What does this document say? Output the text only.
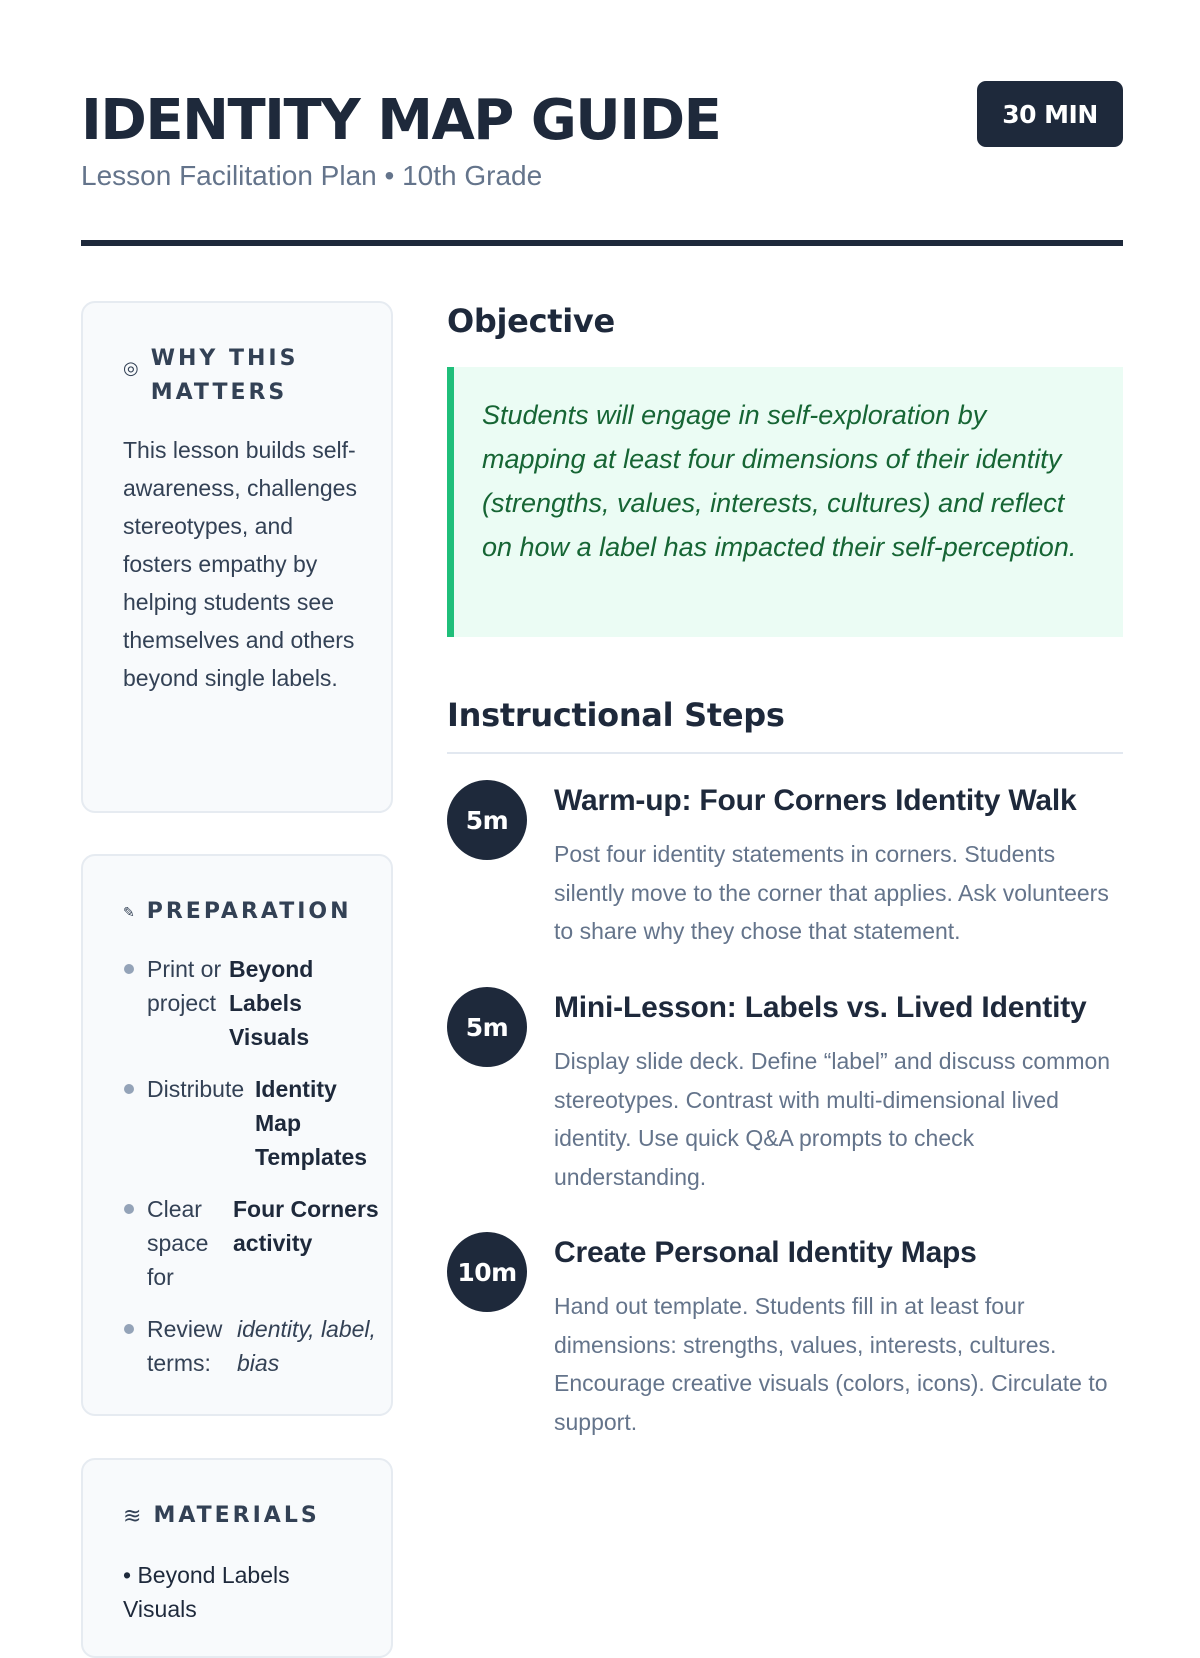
IDENTITY MAP GUIDE
Lesson Facilitation Plan • 10th Grade
30 MIN
◎ WHY THIS MATTERS

This lesson builds self-awareness, challenges stereotypes, and fosters empathy by helping students see themselves and others beyond single labels.

✎ PREPARATION
Print or project
Beyond Labels Visuals
Distribute Identity Map Templates
Clear space for
Four Corners activity
Review terms:
identity, label, bias
≋ MATERIALS

• Beyond Labels Visuals

Objective

Students will engage in self-exploration by mapping at least four dimensions of their identity (strengths, values, interests, cultures) and reflect on how a label has impacted their self-perception.

Instructional Steps
5m
Warm-up: Four Corners Identity Walk

Post four identity statements in corners. Students silently move to the corner that applies. Ask volunteers to share why they chose that statement.

5m
Mini-Lesson: Labels vs. Lived Identity

Display slide deck. Define “label” and discuss common stereotypes. Contrast with multi-dimensional lived identity. Use quick Q&A prompts to check understanding.

10m
Create Personal Identity Maps

Hand out template. Students fill in at least four dimensions: strengths, values, interests, cultures. Encourage creative visuals (colors, icons). Circulate to support.
